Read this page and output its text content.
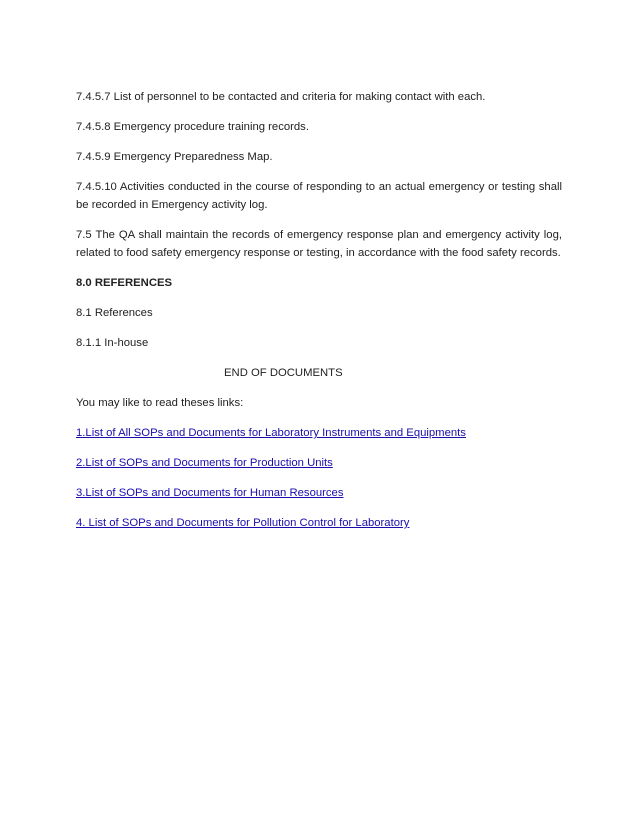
7.4.5.7 List of personnel to be contacted and criteria for making contact with each.

7.4.5.8 Emergency procedure training records.

7.4.5.9 Emergency Preparedness Map.

7.4.5.10 Activities conducted in the course of responding to an actual emergency or testing shall be recorded in Emergency activity log.

7.5 The QA shall maintain the records of emergency response plan and emergency activity log, related to food safety emergency response or testing, in accordance with the food safety records.

8.0 REFERENCES

8.1 References

8.1.1 In-house

END OF DOCUMENTS

You may like to read theses links:

1.List of All SOPs and Documents for Laboratory Instruments and Equipments

2.List of SOPs and Documents for Production Units

3.List of SOPs and Documents for Human Resources

4. List of SOPs and Documents for Pollution Control for Laboratory
